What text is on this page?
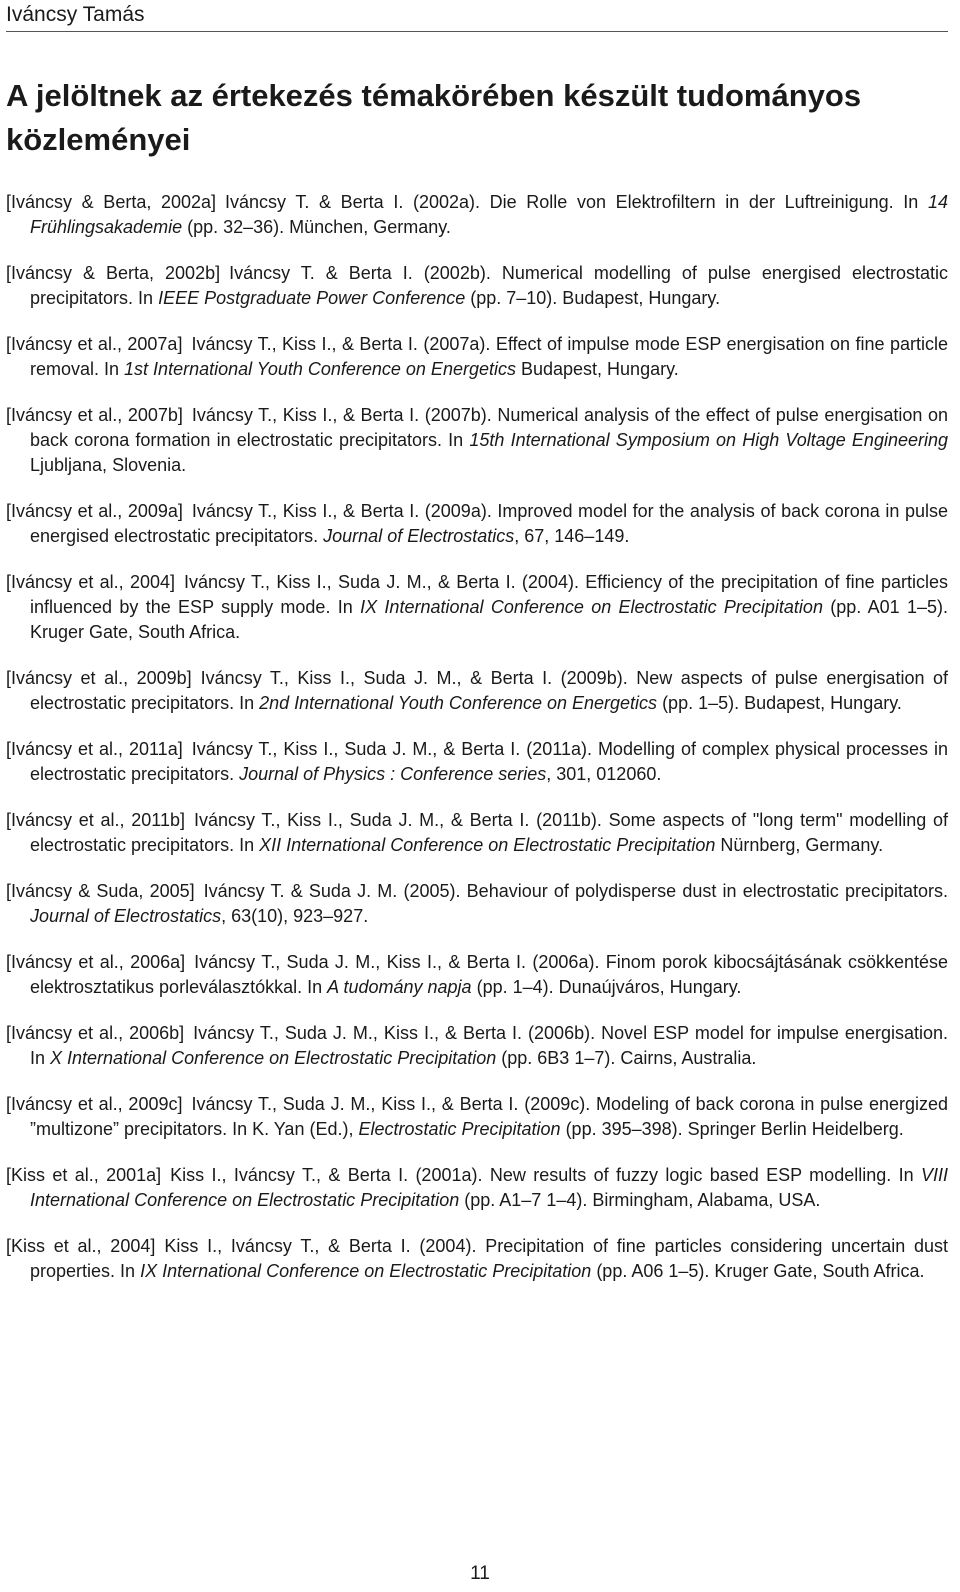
Iváncsy Tamás
A jelöltnek az értekezés témakörében készült tudományos közleményei

[Iváncsy & Berta, 2002a]  Iváncsy T. & Berta I. (2002a). Die Rolle von Elektrofiltern in der Luftreinigung. In 14 Frühlingsakademie (pp. 32–36). München, Germany.

[Iváncsy & Berta, 2002b]  Iváncsy T. & Berta I. (2002b). Numerical modelling of pulse energised electrostatic precipitators. In IEEE Postgraduate Power Conference (pp. 7–10). Budapest, Hungary.

[Iváncsy et al., 2007a]  Iváncsy T., Kiss I., & Berta I. (2007a). Effect of impulse mode ESP energisation on fine particle removal. In 1st International Youth Conference on Energetics Budapest, Hungary.

[Iváncsy et al., 2007b]  Iváncsy T., Kiss I., & Berta I. (2007b). Numerical analysis of the effect of pulse energisation on back corona formation in electrostatic precipitators. In 15th International Symposium on High Voltage Engineering Ljubljana, Slovenia.

[Iváncsy et al., 2009a]  Iváncsy T., Kiss I., & Berta I. (2009a). Improved model for the analysis of back corona in pulse energised electrostatic precipitators. Journal of Electrostatics, 67, 146–149.

[Iváncsy et al., 2004]  Iváncsy T., Kiss I., Suda J. M., & Berta I. (2004). Efficiency of the precipitation of fine particles influenced by the ESP supply mode. In IX International Conference on Electrostatic Precipitation (pp. A01 1–5). Kruger Gate, South Africa.

[Iváncsy et al., 2009b]  Iváncsy T., Kiss I., Suda J. M., & Berta I. (2009b). New aspects of pulse energisation of electrostatic precipitators. In 2nd International Youth Conference on Energetics (pp. 1–5). Budapest, Hungary.

[Iváncsy et al., 2011a]  Iváncsy T., Kiss I., Suda J. M., & Berta I. (2011a). Modelling of complex physical processes in electrostatic precipitators. Journal of Physics : Conference series, 301, 012060.

[Iváncsy et al., 2011b]  Iváncsy T., Kiss I., Suda J. M., & Berta I. (2011b). Some aspects of "long term" modelling of electrostatic precipitators. In XII International Conference on Electrostatic Precipitation Nürnberg, Germany.

[Iváncsy & Suda, 2005]  Iváncsy T. & Suda J. M. (2005). Behaviour of polydisperse dust in electrostatic precipitators. Journal of Electrostatics, 63(10), 923–927.

[Iváncsy et al., 2006a]  Iváncsy T., Suda J. M., Kiss I., & Berta I. (2006a). Finom porok kibocsájtásának csökkentése elektrosztatikus porleválasztókkal. In A tudomány napja (pp. 1–4). Dunaújváros, Hungary.

[Iváncsy et al., 2006b]  Iváncsy T., Suda J. M., Kiss I., & Berta I. (2006b). Novel ESP model for impulse energisation. In X International Conference on Electrostatic Precipitation (pp. 6B3 1–7). Cairns, Australia.

[Iváncsy et al., 2009c]  Iváncsy T., Suda J. M., Kiss I., & Berta I. (2009c). Modeling of back corona in pulse energized ”multizone” precipitators. In K. Yan (Ed.), Electrostatic Precipitation (pp. 395–398). Springer Berlin Heidelberg.

[Kiss et al., 2001a]  Kiss I., Iváncsy T., & Berta I. (2001a). New results of fuzzy logic based ESP modelling. In VIII International Conference on Electrostatic Precipitation (pp. A1–7 1–4). Birmingham, Alabama, USA.

[Kiss et al., 2004]  Kiss I., Iváncsy T., & Berta I. (2004). Precipitation of fine particles considering uncertain dust properties. In IX International Conference on Electrostatic Precipitation (pp. A06 1–5). Kruger Gate, South Africa.

11
